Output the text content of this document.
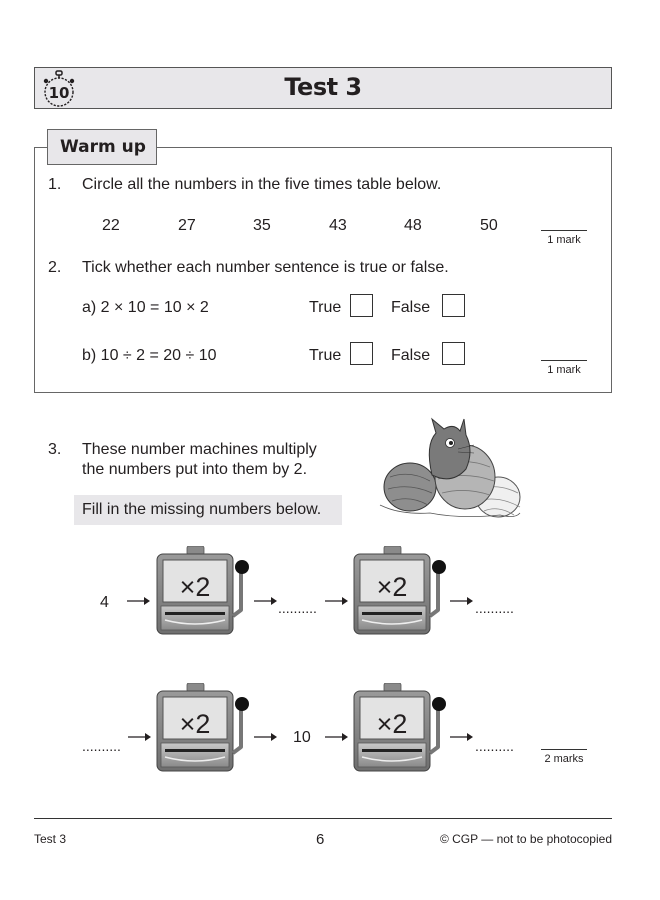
10	Test 3
Warm up
1. Circle all the numbers in the five times table below.
22	27	35	43	48	50
1 mark
2. Tick whether each number sentence is true or false.
a) 2 × 10 = 10 × 2	True	False
b) 10 ÷ 2 = 20 ÷ 10	True	False
1 mark
3. These number machines multiply
the numbers put into them by 2.
Fill in the missing numbers below.
4
×2
..........
×2
..........
..........
×2	10 ×2
..........
2 marks
Test 3	6	© CGP — not to be photocopied
